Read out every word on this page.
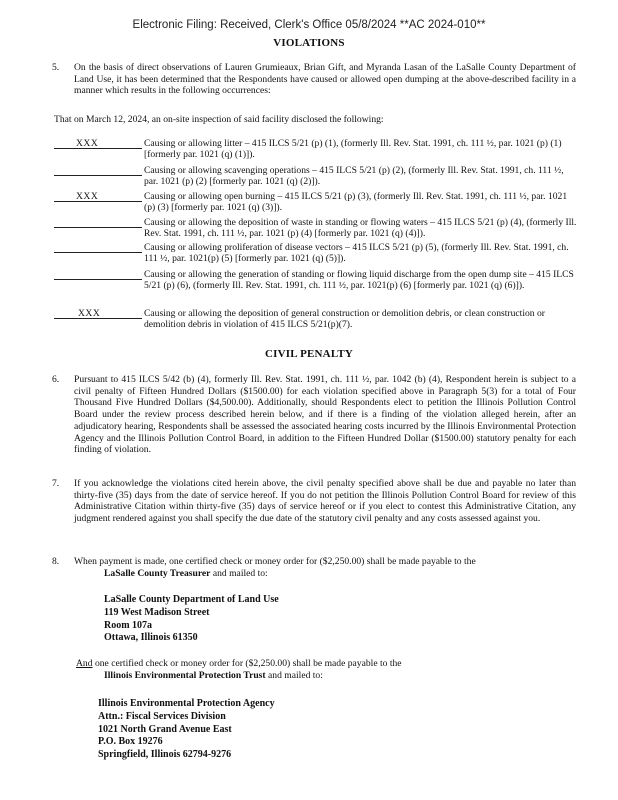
Electronic Filing: Received, Clerk's Office 05/8/2024 **AC 2024-010**
VIOLATIONS
5. On the basis of direct observations of Lauren Grumieaux, Brian Gift, and Myranda Lasan of the LaSalle County Department of Land Use, it has been determined that the Respondents have caused or allowed open dumping at the above-described facility in a manner which results in the following occurrences:
That on March 12, 2024, an on-site inspection of said facility disclosed the following:
XXX	Causing or allowing litter – 415 ILCS 5/21 (p) (1), (formerly Ill. Rev. Stat. 1991, ch. 111 ½, par. 1021 (p) (1) [formerly par. 1021 (q) (1)]).
Causing or allowing scavenging operations – 415 ILCS 5/21 (p) (2), (formerly Ill. Rev. Stat. 1991, ch. 111 ½, par. 1021 (p) (2) [formerly par. 1021 (q) (2)]).
XXX	Causing or allowing open burning – 415 ILCS 5/21 (p) (3), (formerly Ill. Rev. Stat. 1991, ch. 111 ½, par. 1021 (p) (3) [formerly par. 1021 (q) (3)]).
Causing or allowing the deposition of waste in standing or flowing waters – 415 ILCS 5/21 (p) (4), (formerly Ill. Rev. Stat. 1991, ch. 111 ½, par. 1021 (p) (4) [formerly par. 1021 (q) (4)]).
Causing or allowing proliferation of disease vectors – 415 ILCS 5/21 (p) (5), (formerly Ill. Rev. Stat. 1991, ch. 111 ½, par. 1021(p) (5) [formerly par. 1021 (q) (5)]).
Causing or allowing the generation of standing or flowing liquid discharge from the open dump site – 415 ILCS 5/21 (p) (6), (formerly Ill. Rev. Stat. 1991, ch. 111 ½, par. 1021(p) (6) [formerly par. 1021 (q) (6)]).
XXX	Causing or allowing the deposition of general construction or demolition debris, or clean construction or demolition debris in violation of 415 ILCS 5/21(p)(7).
CIVIL PENALTY
6. Pursuant to 415 ILCS 5/42 (b) (4), formerly Ill. Rev. Stat. 1991, ch. 111 ½, par. 1042 (b) (4), Respondent herein is subject to a civil penalty of Fifteen Hundred Dollars ($1500.00) for each violation specified above in Paragraph 5(3) for a total of Four Thousand Five Hundred Dollars ($4,500.00). Additionally, should Respondents elect to petition the Illinois Pollution Control Board under the review process described herein below, and if there is a finding of the violation alleged herein, after an adjudicatory hearing, Respondents shall be assessed the associated hearing costs incurred by the Illinois Environmental Protection Agency and the Illinois Pollution Control Board, in addition to the Fifteen Hundred Dollar ($1500.00) statutory penalty for each finding of violation.
7. If you acknowledge the violations cited herein above, the civil penalty specified above shall be due and payable no later than thirty-five (35) days from the date of service hereof. If you do not petition the Illinois Pollution Control Board for review of this Administrative Citation within thirty-five (35) days of service hereof or if you elect to contest this Administrative Citation, any judgment rendered against you shall specify the due date of the statutory civil penalty and any costs assessed against you.
8. When payment is made, one certified check or money order for ($2,250.00) shall be made payable to the
LaSalle County Treasurer and mailed to:
LaSalle County Department of Land Use
119 West Madison Street
Room 107a
Ottawa, Illinois 61350
And one certified check or money order for ($2,250.00) shall be made payable to the
Illinois Environmental Protection Trust and mailed to:
Illinois Environmental Protection Agency
Attn.: Fiscal Services Division
1021 North Grand Avenue East
P.O. Box 19276
Springfield, Illinois 62794-9276
